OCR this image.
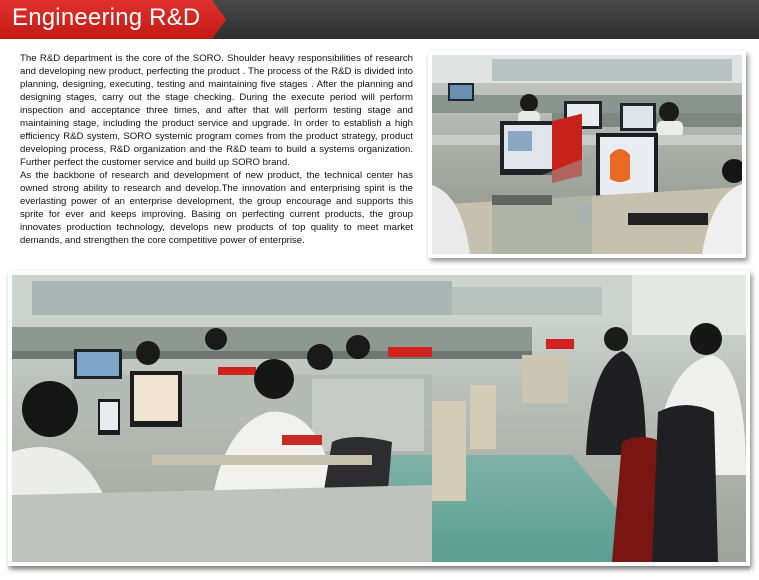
Engineering R&D

The R&D department is the core of the SORO. Shoulder heavy responsibilities of research and developing new product, perfecting the product . The process of the R&D is divided into planning, designing, executing, testing and maintaining five stages . After the planning and designing stages, carry out the stage checking. During the execute period will perform inspection and acceptance three times, and after that will perform testing stage and maintaining stage, including the product service and upgrade. In order to establish a high efficiency R&D system, SORO systemic program comes from the product strategy, product developing process, R&D organization and the R&D team to build a systems organization. Further perfect the customer service and build up SORO brand.

As the backbone of research and development of new product, the technical center has owned strong ability to research and develop.The innovation and enterprising spirit is the everlasting power of an enterprise development, the group encourage and supports this sprite for ever and keeps improving. Basing on perfecting current products, the group innovates production technology, develops new products of top quality to meet market demands, and strengthen the core competitive power of enterprise.
